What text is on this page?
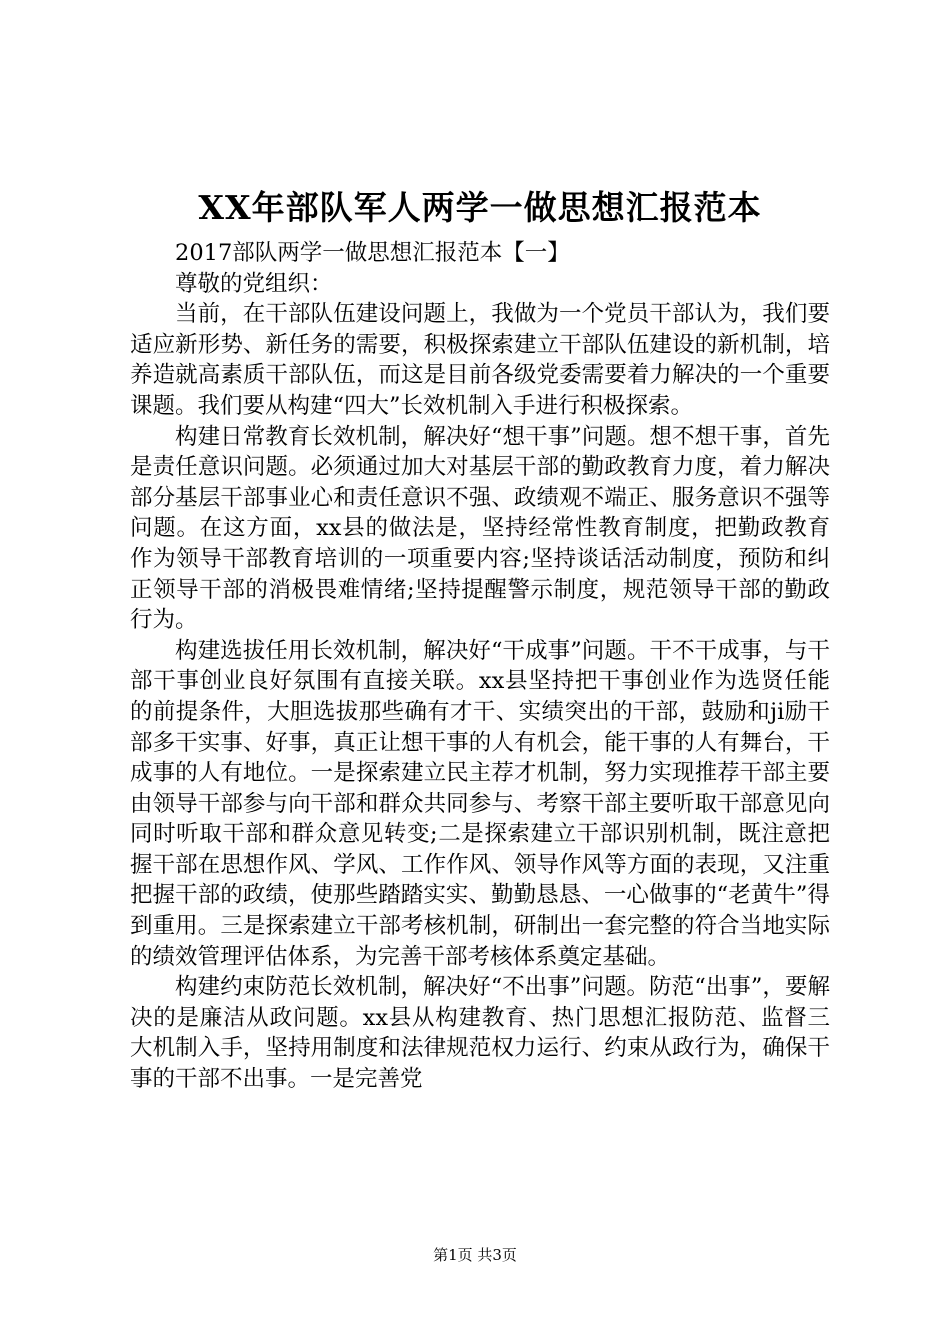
XX年部队军人两学一做思想汇报范本

2017部队两学一做思想汇报范本【一】

尊敬的党组织：

当前，在干部队伍建设问题上，我做为一个党员干部认为，我们要适应新形势、新任务的需要，积极探索建立干部队伍建设的新机制，培养造就高素质干部队伍，而这是目前各级党委需要着力解决的一个重要课题。我们要从构建“四大”长效机制入手进行积极探索。

构建日常教育长效机制，解决好“想干事”问题。想不想干事，首先是责任意识问题。必须通过加大对基层干部的勤政教育力度，着力解决部分基层干部事业心和责任意识不强、政绩观不端正、服务意识不强等问题。在这方面，xx县的做法是，坚持经常性教育制度，把勤政教育作为领导干部教育培训的一项重要内容;坚持谈话活动制度，预防和纠正领导干部的消极畏难情绪;坚持提醒警示制度，规范领导干部的勤政行为。

构建选拔任用长效机制，解决好“干成事”问题。干不干成事，与干部干事创业良好氛围有直接关联。xx县坚持把干事创业作为选贤任能的前提条件，大胆选拔那些确有才干、实绩突出的干部，鼓励和ji励干部多干实事、好事，真正让想干事的人有机会，能干事的人有舞台，干成事的人有地位。一是探索建立民主荐才机制，努力实现推荐干部主要由领导干部参与向干部和群众共同参与、考察干部主要听取干部意见向同时听取干部和群众意见转变;二是探索建立干部识别机制，既注意把握干部在思想作风、学风、工作作风、领导作风等方面的表现，又注重把握干部的政绩，使那些踏踏实实、勤勤恳恳、一心做事的“老黄牛”得到重用。三是探索建立干部考核机制，研制出一套完整的符合当地实际的绩效管理评估体系，为完善干部考核体系奠定基础。

构建约束防范长效机制，解决好“不出事”问题。防范“出事”，要解决的是廉洁从政问题。xx县从构建教育、热门思想汇报防范、监督三大机制入手，坚持用制度和法律规范权力运行、约束从政行为，确保干事的干部不出事。一是完善党

第1页 共3页
